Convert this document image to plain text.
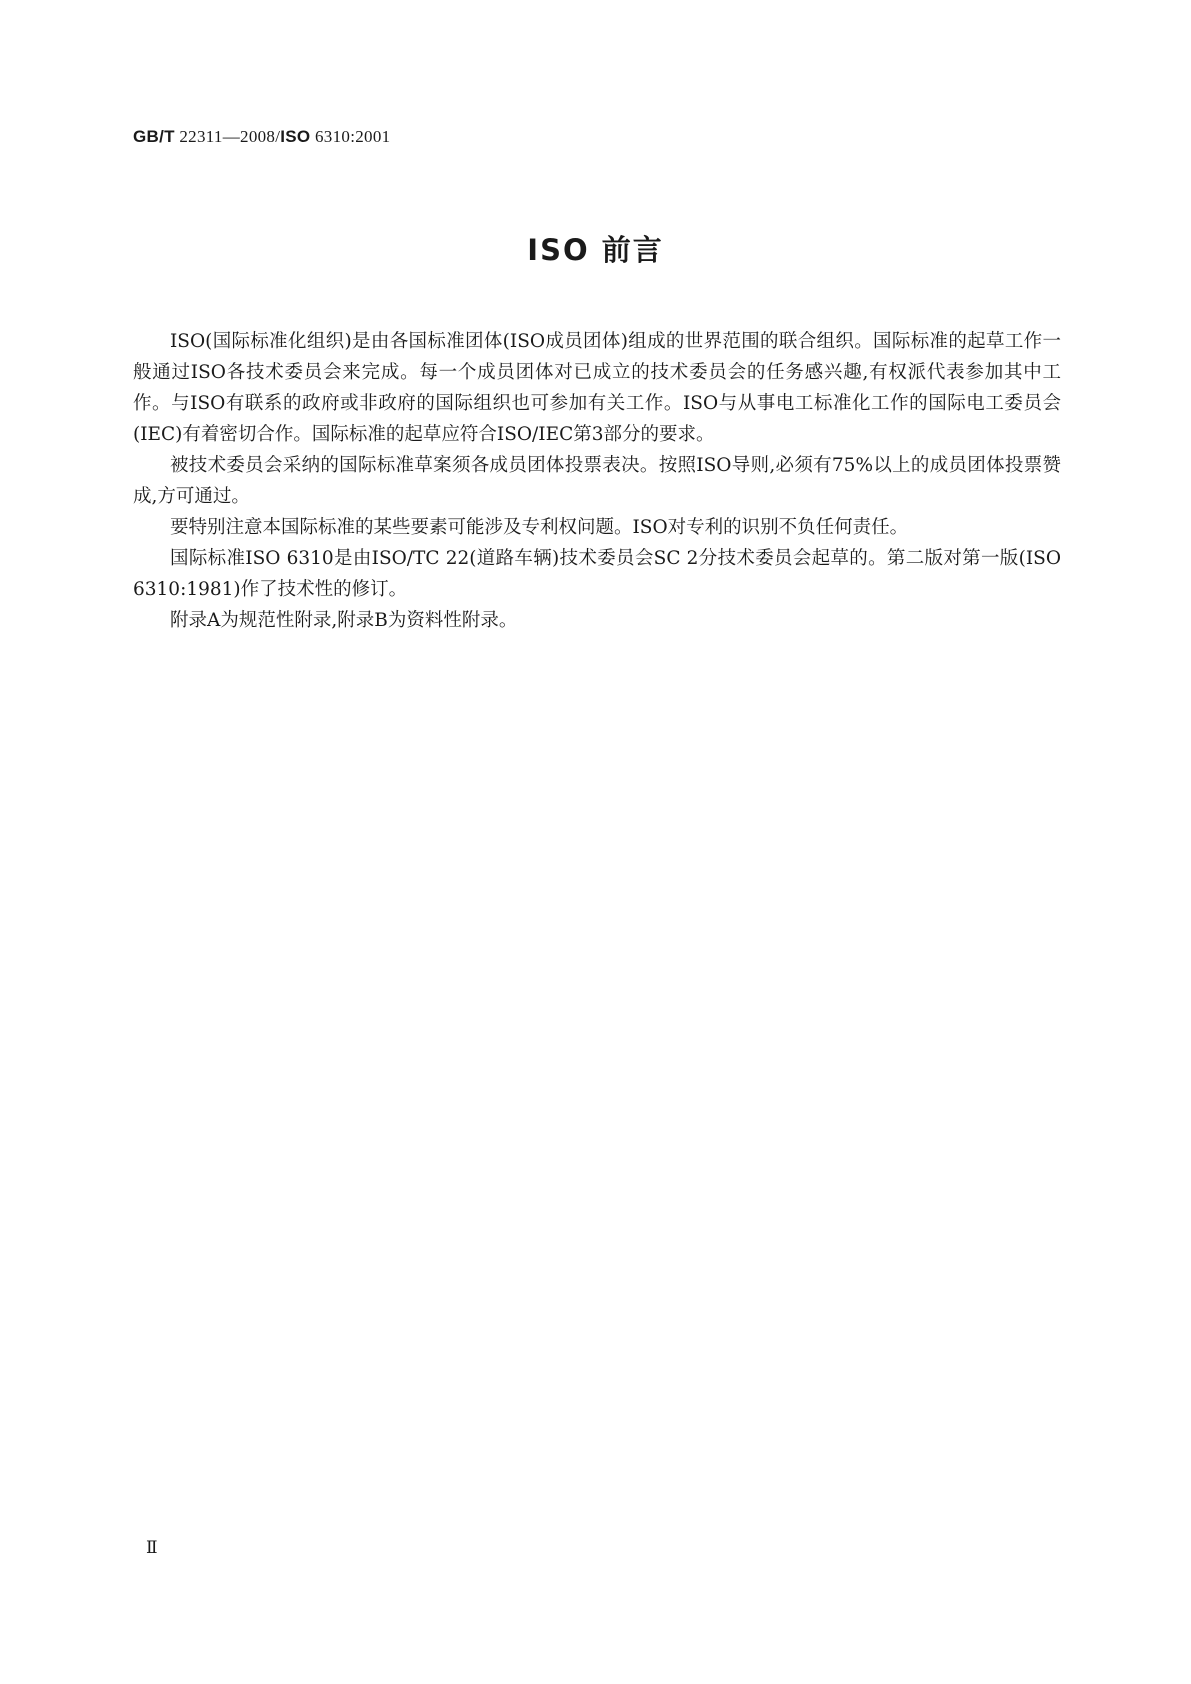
GB/T 22311—2008/ISO 6310:2001
ISO 前言

ISO(国际标准化组织)是由各国标准团体(ISO成员团体)组成的世界范围的联合组织。国际标准的起草工作一般通过ISO各技术委员会来完成。每一个成员团体对已成立的技术委员会的任务感兴趣,有权派代表参加其中工作。与ISO有联系的政府或非政府的国际组织也可参加有关工作。ISO与从事电工标准化工作的国际电工委员会(IEC)有着密切合作。国际标准的起草应符合ISO/IEC第3部分的要求。

被技术委员会采纳的国际标准草案须各成员团体投票表决。按照ISO导则,必须有75%以上的成员团体投票赞成,方可通过。

要特别注意本国际标准的某些要素可能涉及专利权问题。ISO对专利的识别不负任何责任。

国际标准ISO 6310是由ISO/TC 22(道路车辆)技术委员会SC 2分技术委员会起草的。第二版对第一版(ISO 6310:1981)作了技术性的修订。

附录A为规范性附录,附录B为资料性附录。

Ⅱ
